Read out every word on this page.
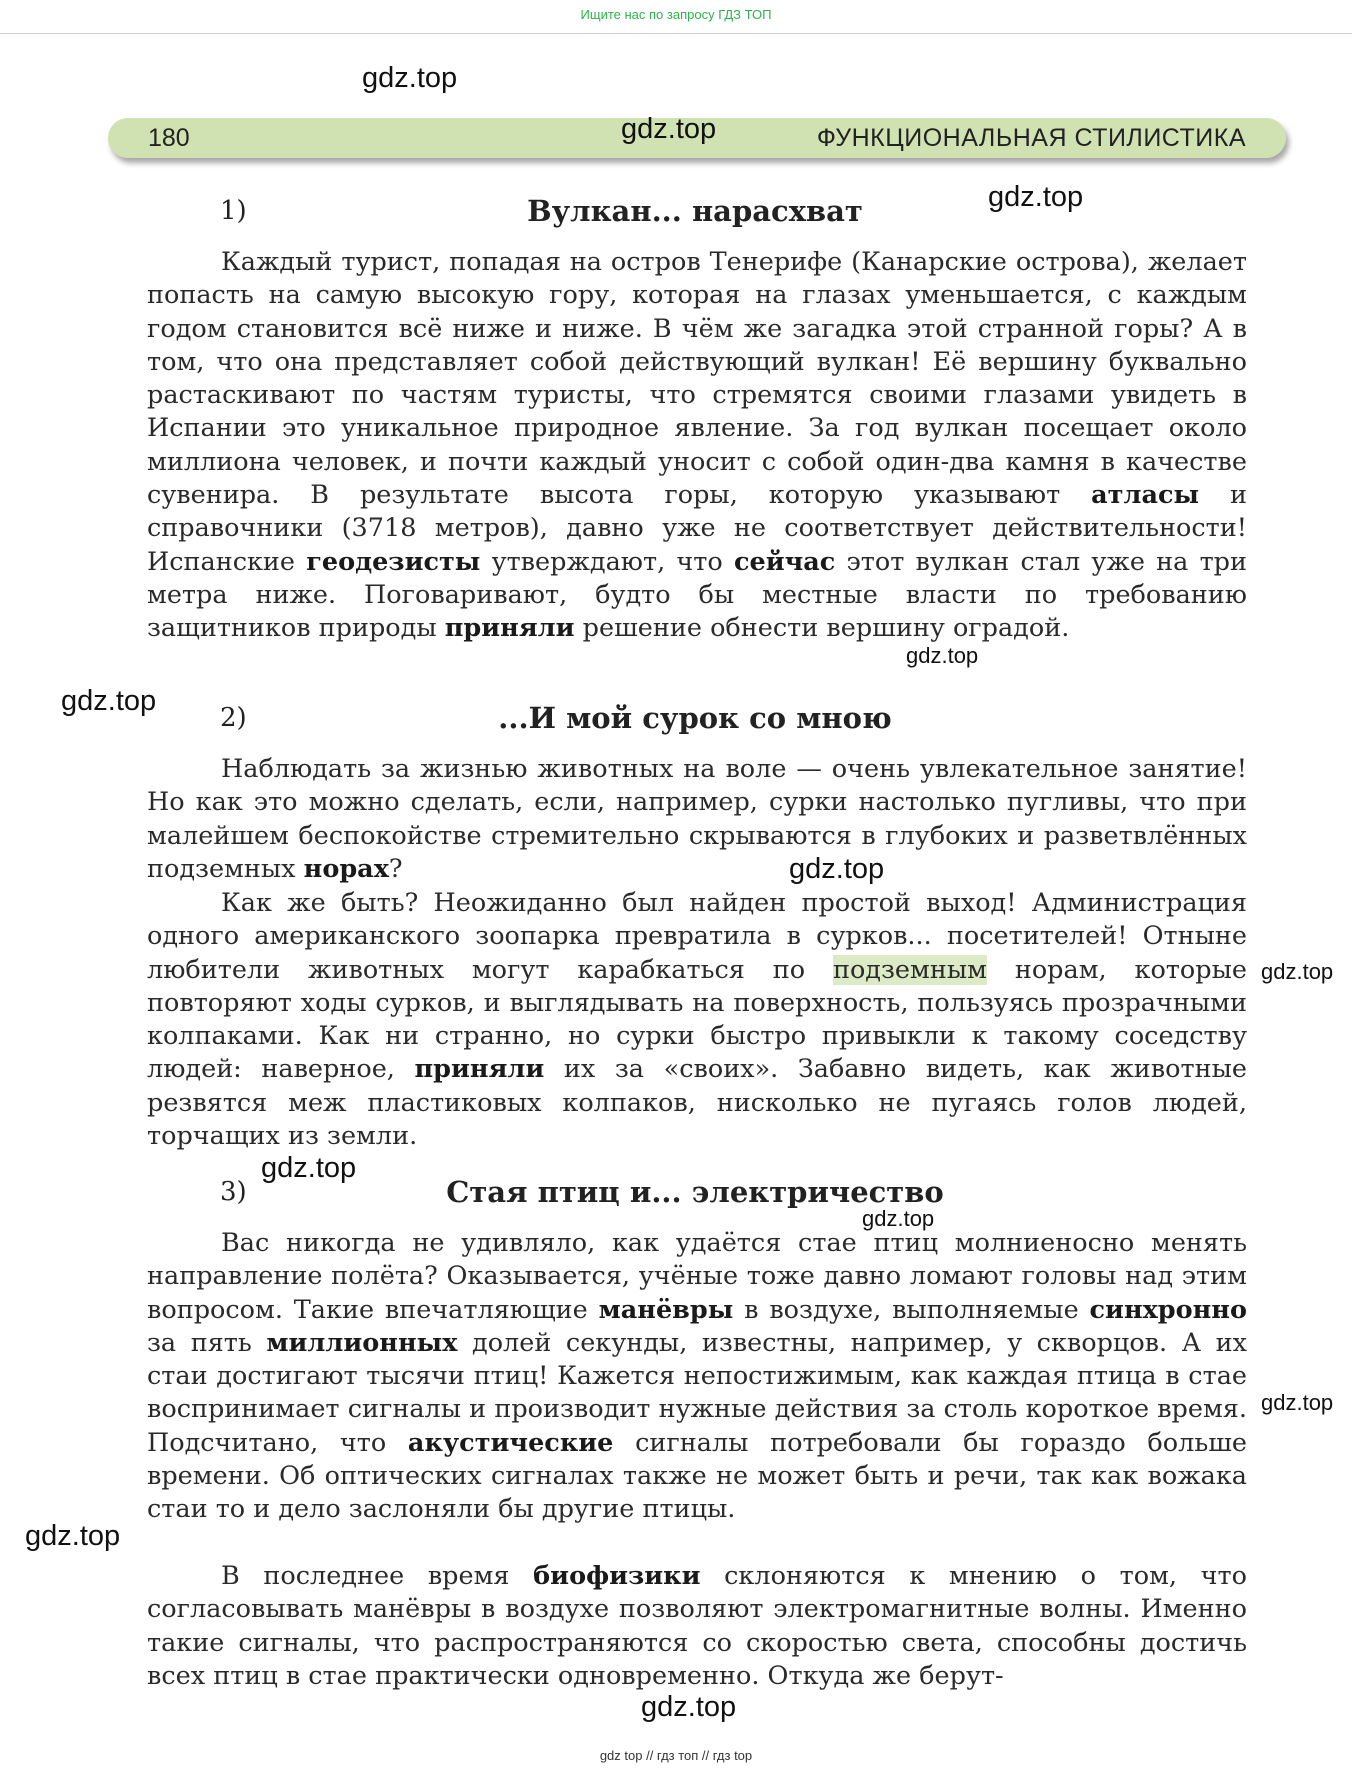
Ищите нас по запросу ГДЗ ТОП
180	ФУНКЦИОНАЛЬНАЯ СТИЛИСТИКА
1)	Вулкан... нарасхват

Каждый турист, попадая на остров Тенерифе (Канарские острова), желает попасть на самую высокую гору, которая на глазах уменьшается, с каждым годом становится всё ниже и ниже. В чём же загадка этой странной горы? А в том, что она представляет собой действующий вулкан! Её вершину буквально растаскивают по частям туристы, что стремятся своими глазами увидеть в Испании это уникальное природное явление. За год вулкан посещает около миллиона человек, и почти каждый уносит с собой один-два камня в качестве сувенира. В результате высота горы, которую указывают атласы и справочники (3718 метров), давно уже не соответствует действительности! Испанские геодезисты утверждают, что сейчас этот вулкан стал уже на три метра ниже. Поговаривают, будто бы местные власти по требованию защитников природы приняли решение обнести вершину оградой.

2)	...И мой сурок со мною

Наблюдать за жизнью животных на воле — очень увлекательное занятие! Но как это можно сделать, если, например, сурки настолько пугливы, что при малейшем беспокойстве стремительно скрываются в глубоких и разветвлённых подземных норах?

Как же быть? Неожиданно был найден простой выход! Администрация одного американского зоопарка превратила в сурков... посетителей! Отныне любители животных могут карабкаться по подземным норам, которые повторяют ходы сурков, и выглядывать на поверхность, пользуясь прозрачными колпаками. Как ни странно, но сурки быстро привыкли к такому соседству людей: наверное, приняли их за «своих». Забавно видеть, как животные резвятся меж пластиковых колпаков, нисколько не пугаясь голов людей, торчащих из земли.

3)	Стая птиц и... электричество

Вас никогда не удивляло, как удаётся стае птиц молниеносно менять направление полёта? Оказывается, учёные тоже давно ломают головы над этим вопросом. Такие впечатляющие манёвры в воздухе, выполняемые синхронно за пять миллионных долей секунды, известны, например, у скворцов. А их стаи достигают тысячи птиц! Кажется непостижимым, как каждая птица в стае воспринимает сигналы и производит нужные действия за столь короткое время. Подсчитано, что акустические сигналы потребовали бы гораздо больше времени. Об оптических сигналах также не может быть и речи, так как вожака стаи то и дело заслоняли бы другие птицы.

В последнее время биофизики склоняются к мнению о том, что согласовывать манёвры в воздухе позволяют электромагнитные волны. Именно такие сигналы, что распространяются со скоростью света, способны достичь всех птиц в стае практически одновременно. Откуда же берут-

gdz.top
gdz.top
gdz.top
gdz.top
gdz.top
gdz.top
gdz.top
gdz.top
gdz.top
gdz.top
gdz.top
gdz.top
gdz top // гдз топ // гдз top
